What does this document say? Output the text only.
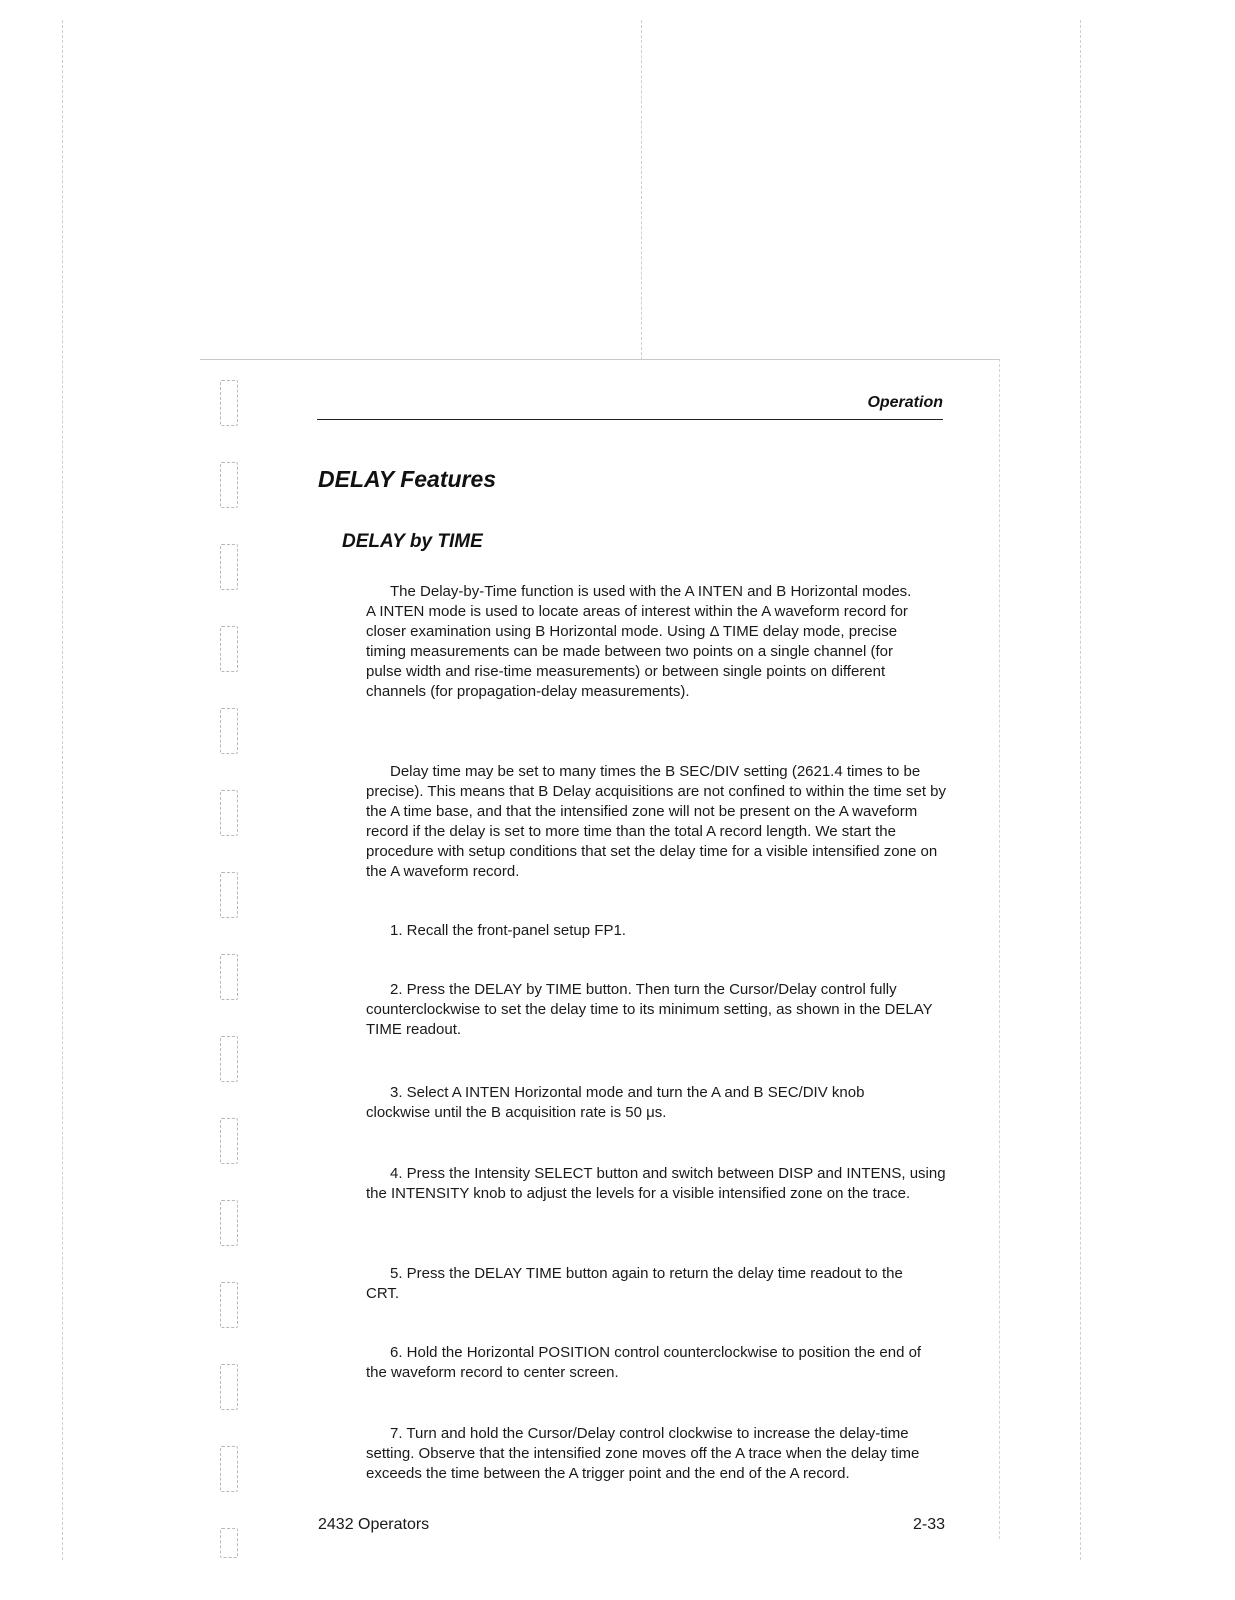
Operation
DELAY Features
DELAY by TIME

The Delay-by-Time function is used with the A INTEN and B Horizontal modes. A INTEN mode is used to locate areas of interest within the A waveform record for closer examination using B Horizontal mode. Using Δ TIME delay mode, precise timing measurements can be made between two points on a single channel (for pulse width and rise-time measurements) or between single points on different channels (for propagation-delay measurements).

Delay time may be set to many times the B SEC/DIV setting (2621.4 times to be precise). This means that B Delay acquisitions are not confined to within the time set by the A time base, and that the intensified zone will not be present on the A waveform record if the delay is set to more time than the total A record length. We start the procedure with setup conditions that set the delay time for a visible intensified zone on the A waveform record.

1. Recall the front-panel setup FP1.

2. Press the DELAY by TIME button. Then turn the Cursor/Delay control fully counterclockwise to set the delay time to its minimum setting, as shown in the DELAY TIME readout.

3. Select A INTEN Horizontal mode and turn the A and B SEC/DIV knob clockwise until the B acquisition rate is 50 μs.

4. Press the Intensity SELECT button and switch between DISP and INTENS, using the INTENSITY knob to adjust the levels for a visible intensified zone on the trace.

5. Press the DELAY TIME button again to return the delay time readout to the CRT.

6. Hold the Horizontal POSITION control counterclockwise to position the end of the waveform record to center screen.

7. Turn and hold the Cursor/Delay control clockwise to increase the delay-time setting. Observe that the intensified zone moves off the A trace when the delay time exceeds the time between the A trigger point and the end of the A record.

2432 Operators	2-33
